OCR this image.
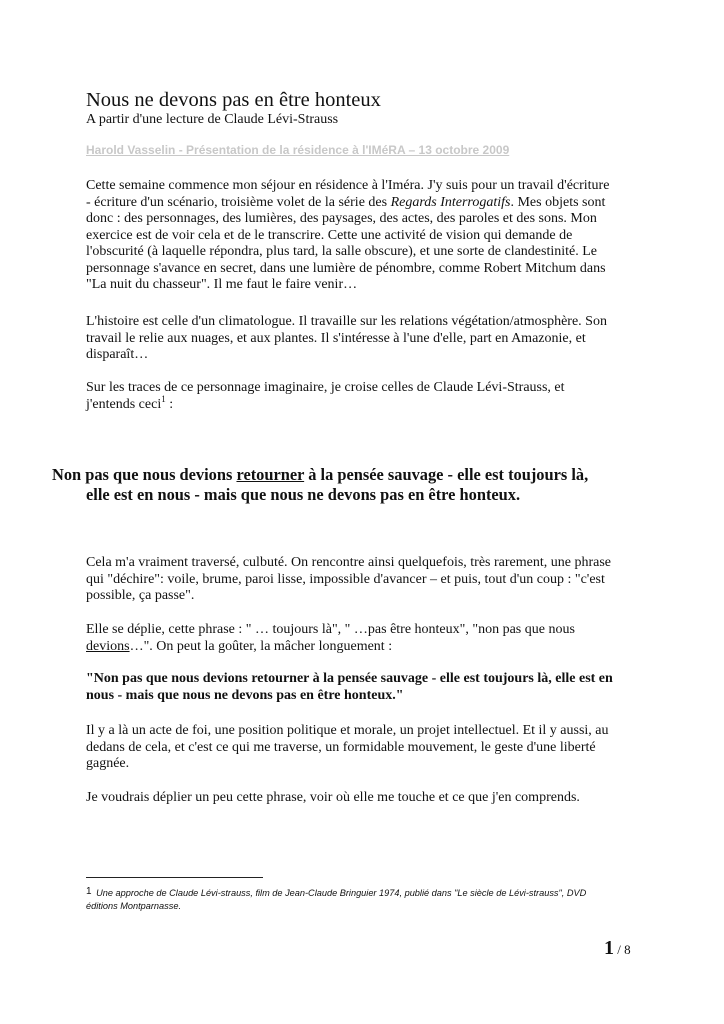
Nous ne devons pas en être honteux
A partir d'une lecture de Claude Lévi-Strauss
Harold Vasselin - Présentation de la résidence à l'IMéRA – 13 octobre 2009
Cette semaine commence mon séjour en résidence à l'Iméra. J'y suis pour un travail d'écriture
- écriture d'un scénario, troisième volet de la série des Regards Interrogatifs. Mes objets sont
donc : des personnages, des lumières, des paysages, des actes, des paroles et des sons. Mon
exercice est de voir cela et de le transcrire. Cette une activité de vision qui demande de
l'obscurité (à laquelle répondra, plus tard, la salle obscure), et une sorte de clandestinité. Le
personnage s'avance en secret, dans une lumière de pénombre, comme Robert Mitchum dans
"La nuit du chasseur". Il me faut le faire venir…
L'histoire est celle d'un climatologue. Il travaille sur les relations végétation/atmosphère. Son
travail le relie aux nuages, et aux plantes. Il s'intéresse à l'une d'elle, part en Amazonie, et
disparaît…
Sur les traces de ce personnage imaginaire, je croise celles de Claude Lévi-Strauss, et
j'entends ceci$^1$ :
Non pas que nous devions retourner à la pensée sauvage - elle est toujours là,
elle est en nous - mais que nous ne devons pas en être honteux.
Cela m'a vraiment traversé, culbuté. On rencontre ainsi quelquefois, très rarement, une phrase
qui "déchire": voile, brume, paroi lisse, impossible d'avancer – et puis, tout d'un coup : "c'est
possible, ça passe".
Elle se déplie, cette phrase : " … toujours là", " …pas être honteux", "non pas que nous
devions…". On peut la goûter, la mâcher longuement :
"Non pas que nous devions retourner à la pensée sauvage - elle est toujours là, elle est en
nous - mais que nous ne devons pas en être honteux."
Il y a là un acte de foi, une position politique et morale, un projet intellectuel. Et il y aussi, au
dedans de cela, et c'est ce qui me traverse, un formidable mouvement, le geste d'une liberté
gagnée.
Je voudrais déplier un peu cette phrase, voir où elle me touche et ce que j'en comprends.
1 Une approche de Claude Lévi-strauss, film de Jean-Claude Bringuier 1974, publié dans "Le siècle de Lévi-strauss", DVD
éditions Montparnasse.
1 / 8
